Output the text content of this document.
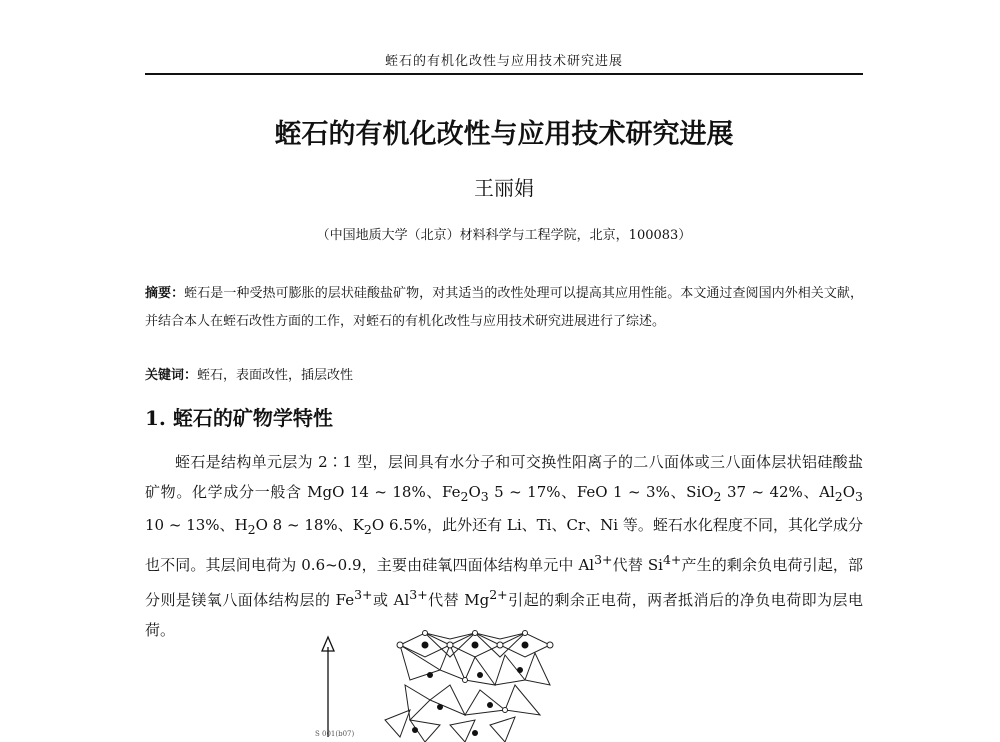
蛭石的有机化改性与应用技术研究进展
蛭石的有机化改性与应用技术研究进展
王丽娟
（中国地质大学（北京）材料科学与工程学院，北京，100083）
摘要：蛭石是一种受热可膨胀的层状硅酸盐矿物，对其适当的改性处理可以提高其应用性能。本文通过查阅国内外相关文献，并结合本人在蛭石改性方面的工作，对蛭石的有机化改性与应用技术研究进展进行了综述。
关键词：蛭石，表面改性，插层改性
1. 蛭石的矿物学特性
蛭石是结构单元层为 2∶1 型，层间具有水分子和可交换性阳离子的二八面体或三八面体层状铝硅酸盐矿物。化学成分一般含 MgO 14 ~ 18%、$Fe_2O_3$ 5 ~ 17%、FeO 1 ~ 3%、SiO$_2$ 37 ~ 42%、$Al_2O_3$ 10 ~ 13%、$H_2O$ 8 ~ 18%、$K_2O$ 6.5%，此外还有 Li、Ti、Cr、Ni 等。蛭石水化程度不同，其化学成分也不同。其层间电荷为 0.6~0.9，主要由硅氧四面体结构单元中 $Al^{3+}$代替 $Si^{4+}$产生的剩余负电荷引起，部分则是镁氧八面体结构层的 $Fe^{3+}$或 $Al^{3+}$代替 $Mg^{2+}$引起的剩余正电荷，两者抵消后的净负电荷即为层电荷。
S 001(b07)
